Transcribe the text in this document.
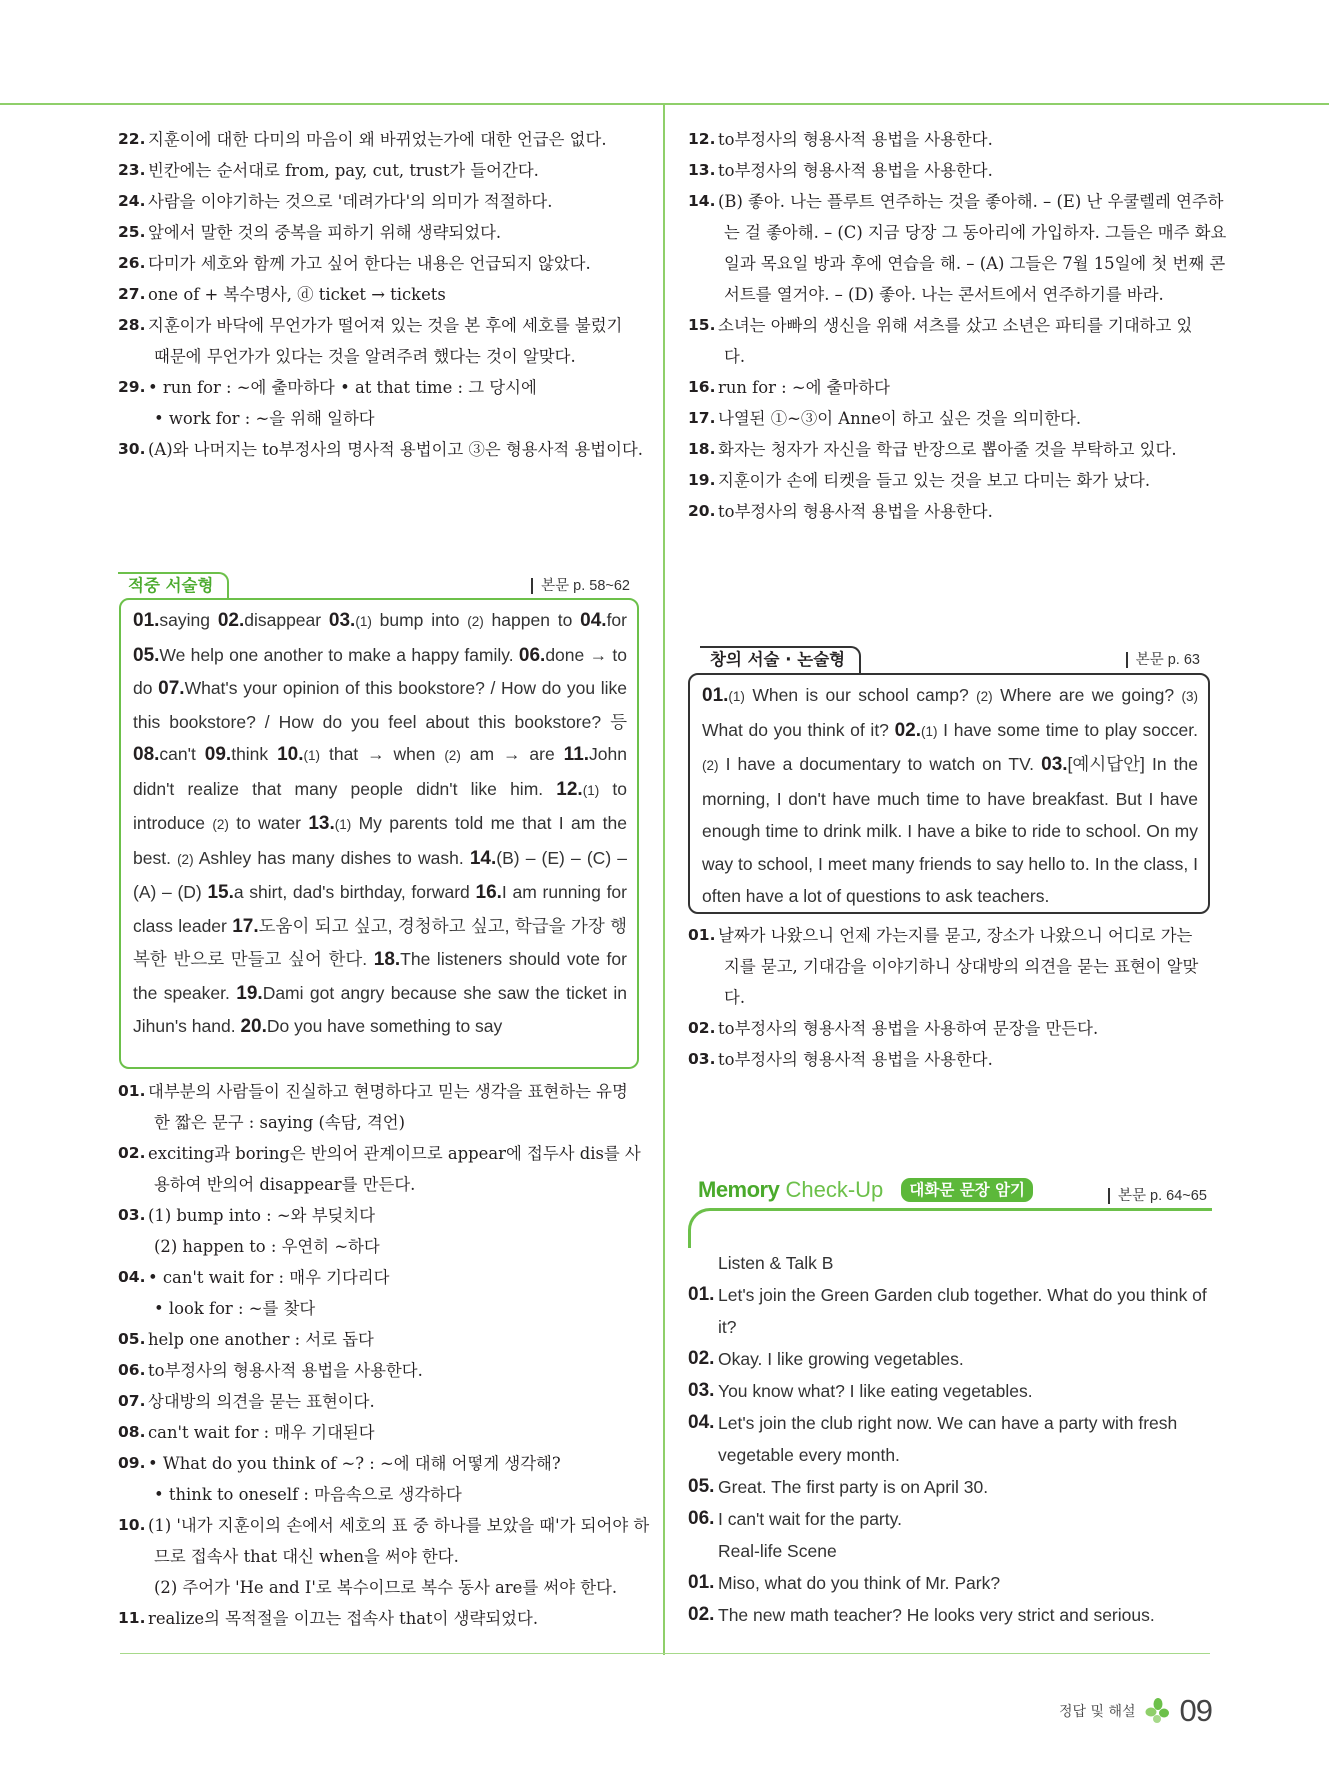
22. 지훈이에 대한 다미의 마음이 왜 바뀌었는가에 대한 언급은 없다.
23. 빈칸에는 순서대로 from, pay, cut, trust가 들어간다.
24. 사람을 이야기하는 것으로 '데려가다'의 의미가 적절하다.
25. 앞에서 말한 것의 중복을 피하기 위해 생략되었다.
26. 다미가 세호와 함께 가고 싶어 한다는 내용은 언급되지 않았다.
27. one of + 복수명사, ⓓ ticket → tickets
28. 지훈이가 바닥에 무언가가 떨어져 있는 것을 본 후에 세호를 불렀기
때문에 무언가가 있다는 것을 알려주려 했다는 것이 알맞다.
29. • run for : ~에 출마하다 • at that time : 그 당시에
• work for : ~을 위해 일하다
30. (A)와 나머지는 to부정사의 명사적 용법이고 ③은 형용사적 용법이다.
12. to부정사의 형용사적 용법을 사용한다.
13. to부정사의 형용사적 용법을 사용한다.
14. (B) 좋아. 나는 플루트 연주하는 것을 좋아해. – (E) 난 우쿨렐레 연주하
는 걸 좋아해. – (C) 지금 당장 그 동아리에 가입하자. 그들은 매주 화요
일과 목요일 방과 후에 연습을 해. – (A) 그들은 7월 15일에 첫 번째 콘
서트를 열거야. – (D) 좋아. 나는 콘서트에서 연주하기를 바라.
15. 소녀는 아빠의 생신을 위해 셔츠를 샀고 소년은 파티를 기대하고 있
다.
16. run for : ~에 출마하다
17. 나열된 ①~③이 Anne이 하고 싶은 것을 의미한다.
18. 화자는 청자가 자신을 학급 반장으로 뽑아줄 것을 부탁하고 있다.
19. 지훈이가 손에 티켓을 들고 있는 것을 보고 다미는 화가 났다.
20. to부정사의 형용사적 용법을 사용한다.
적중 서술형	본문 p. 58~62
01.saying 02.disappear 03.(1) bump into (2) happen to 04.for 05.We help one another to make a happy family. 06.done → to do 07.What's your opinion of this bookstore? / How do you like this bookstore? / How do you feel about this bookstore? 등 08.can't 09.think 10.(1) that → when (2) am → are 11.John didn't realize that many people didn't like him. 12.(1) to introduce (2) to water 13.(1) My parents told me that I am the best. (2) Ashley has many dishes to wash. 14.(B) – (E) – (C) – (A) – (D) 15.a shirt, dad's birthday, forward 16.I am running for class leader 17.도움이 되고 싶고, 경청하고 싶고, 학급을 가장 행복한 반으로 만들고 싶어 한다. 18.The listeners should vote for the speaker. 19.Dami got angry because she saw the ticket in Jihun's hand. 20.Do you have something to say
01. 대부분의 사람들이 진실하고 현명하다고 믿는 생각을 표현하는 유명
한 짧은 문구 : saying (속담, 격언)
02. exciting과 boring은 반의어 관계이므로 appear에 접두사 dis를 사
용하여 반의어 disappear를 만든다.
03. (1) bump into : ~와 부딪치다
(2) happen to : 우연히 ~하다
04. • can't wait for : 매우 기다리다
• look for : ~를 찾다
05. help one another : 서로 돕다
06. to부정사의 형용사적 용법을 사용한다.
07. 상대방의 의견을 묻는 표현이다.
08. can't wait for : 매우 기대된다
09. • What do you think of ~? : ~에 대해 어떻게 생각해?
• think to oneself : 마음속으로 생각하다
10. (1) '내가 지훈이의 손에서 세호의 표 중 하나를 보았을 때'가 되어야 하
므로 접속사 that 대신 when을 써야 한다.
(2) 주어가 'He and I'로 복수이므로 복수 동사 are를 써야 한다.
11. realize의 목적절을 이끄는 접속사 that이 생략되었다.
창의 서술 · 논술형	본문 p. 63
01.(1) When is our school camp? (2) Where are we going? (3) What do you think of it? 02.(1) I have some time to play soccer. (2) I have a documentary to watch on TV. 03.[예시답안] In the morning, I don't have much time to have breakfast. But I have enough time to drink milk. I have a bike to ride to school. On my way to school, I meet many friends to say hello to. In the class, I often have a lot of questions to ask teachers.
01. 날짜가 나왔으니 언제 가는지를 묻고, 장소가 나왔으니 어디로 가는
지를 묻고, 기대감을 이야기하니 상대방의 의견을 묻는 표현이 알맞
다.
02. to부정사의 형용사적 용법을 사용하여 문장을 만든다.
03. to부정사의 형용사적 용법을 사용한다.
Memory Check-Up 대화문 문장 암기	본문 p. 64~65
Listen & Talk B
01. Let's join the Green Garden club together. What do you think of it?
02. Okay. I like growing vegetables.
03. You know what? I like eating vegetables.
04. Let's join the club right now. We can have a party with fresh vegetable every month.
05. Great. The first party is on April 30.
06. I can't wait for the party.
Real-life Scene
01. Miso, what do you think of Mr. Park?
02. The new math teacher? He looks very strict and serious.
정답 및 해설 09
